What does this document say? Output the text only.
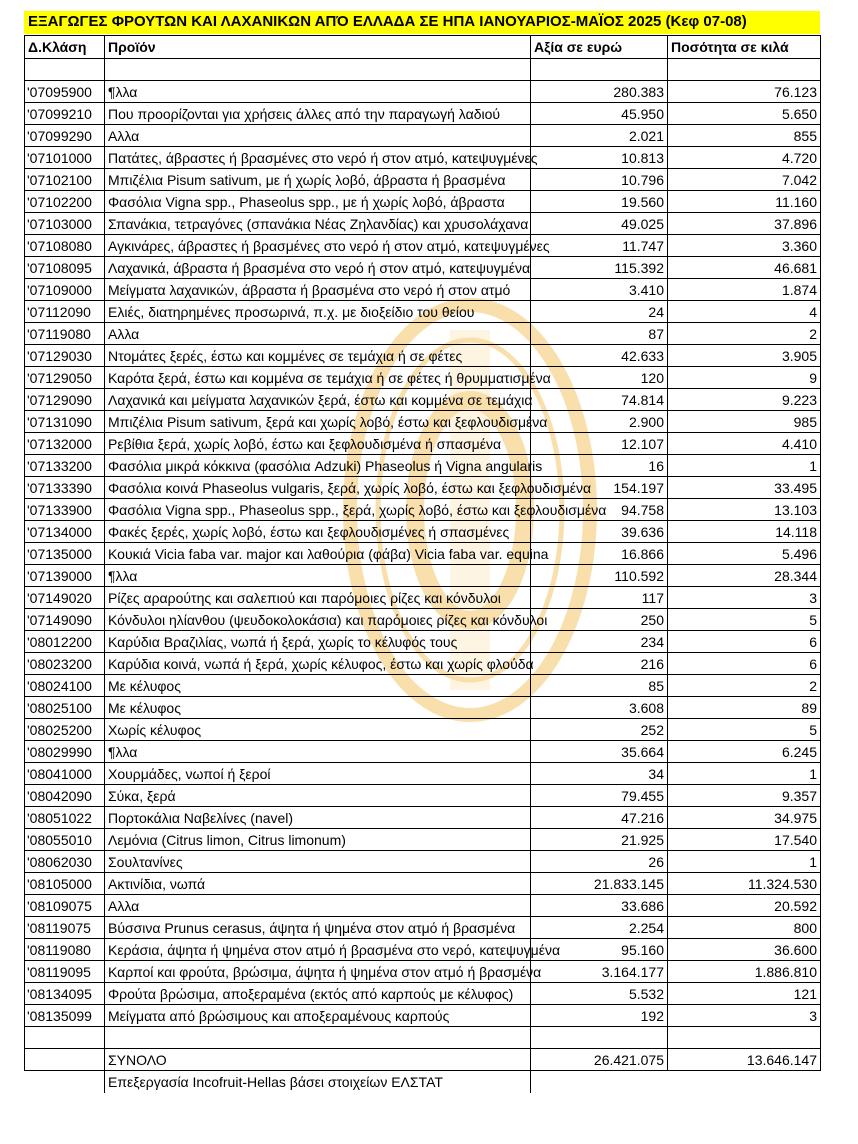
ΕΞΑΓΩΓΕΣ ΦΡΟΥΤΩΝ ΚΑΙ ΛΑΧΑΝΙΚΩΝ ΑΠΌ ΕΛΛΑΔΑ ΣΕ ΗΠΑ ΙΑΝΟΥΑΡΙΟΣ-ΜΑΪΟΣ 2025 (Κεφ 07-08)
Δ.Κλάση	Προϊόν	Αξία σε ευρώ	Ποσότητα σε κιλά

'07095900	¶λλα	280.383	76.123
'07099210	Που προορίζονται για χρήσεις άλλες από την παραγωγή λαδιού	45.950	5.650
'07099290	Αλλα	2.021	855
'07101000	Πατάτες, άβραστες ή βρασμένες στο νερό ή στον ατμό, κατεψυγμένες	10.813	4.720
'07102100	Μπιζέλια Pisum sativum, με ή χωρίς λοβό, άβραστα ή βρασμένα	10.796	7.042
'07102200	Φασόλια Vigna spp., Phaseolus spp., με ή χωρίς λοβό, άβραστα	19.560	11.160
'07103000	Σπανάκια, τετραγόνες (σπανάκια Νέας Ζηλανδίας) και χρυσολάχανα	49.025	37.896
'07108080	Αγκινάρες, άβραστες ή βρασμένες στο νερό ή στον ατμό, κατεψυγμένες	11.747	3.360
'07108095	Λαχανικά, άβραστα ή βρασμένα στο νερό ή στον ατμό, κατεψυγμένα	115.392	46.681
'07109000	Μείγματα λαχανικών, άβραστα ή βρασμένα στο νερό ή στον ατμό	3.410	1.874
'07112090	Ελιές, διατηρημένες προσωρινά, π.χ. με διοξείδιο του θείου	24	4
'07119080	Αλλα	87	2
'07129030	Ντομάτες ξερές, έστω και κομμένες σε τεμάχια ή σε φέτες	42.633	3.905
'07129050	Καρότα ξερά, έστω και κομμένα σε τεμάχια ή σε φέτες ή θρυμματισμένα	120	9
'07129090	Λαχανικά και μείγματα λαχανικών ξερά, έστω και κομμένα σε τεμάχια	74.814	9.223
'07131090	Μπιζέλια Pisum sativum, ξερά και χωρίς λοβό, έστω και ξεφλουδισμένα	2.900	985
'07132000	Ρεβίθια ξερά, χωρίς λοβό, έστω και ξεφλουδισμένα ή σπασμένα	12.107	4.410
'07133200	Φασόλια μικρά κόκκινα (φασόλια Adzuki) Phaseolus ή Vigna angularis	16	1
'07133390	Φασόλια κοινά Phaseolus vulgaris, ξερά, χωρίς λοβό, έστω και ξεφλουδισμένα	154.197	33.495
'07133900	Φασόλια Vigna spp., Phaseolus spp., ξερά, χωρίς λοβό, έστω και ξεφλουδισμένα	94.758	13.103
'07134000	Φακές ξερές, χωρίς λοβό, έστω και ξεφλουδισμένες ή σπασμένες	39.636	14.118
'07135000	Κουκιά Vicia faba var. major και λαθούρια (φάβα) Vicia faba var. equina	16.866	5.496
'07139000	¶λλα	110.592	28.344
'07149020	Ρίζες αραρούτης και σαλεπιού και παρόμοιες ρίζες και κόνδυλοι	117	3
'07149090	Κόνδυλοι ηλίανθου (ψευδοκολοκάσια) και παρόμοιες ρίζες και κόνδυλοι	250	5
'08012200	Καρύδια Βραζιλίας, νωπά ή ξερά, χωρίς το κέλυφός τους	234	6
'08023200	Καρύδια κοινά, νωπά ή ξερά, χωρίς κέλυφος, έστω και χωρίς φλούδα	216	6
'08024100	Με κέλυφος	85	2
'08025100	Με κέλυφος	3.608	89
'08025200	Χωρίς κέλυφος	252	5
'08029990	¶λλα	35.664	6.245
'08041000	Χουρμάδες, νωποί ή ξεροί	34	1
'08042090	Σύκα, ξερά	79.455	9.357
'08051022	Πορτοκάλια Ναβελίνες (navel)	47.216	34.975
'08055010	Λεμόνια (Citrus limon, Citrus limonum)	21.925	17.540
'08062030	Σουλτανίνες	26	1
'08105000	Ακτινίδια, νωπά	21.833.145	11.324.530
'08109075	Αλλα	33.686	20.592
'08119075	Βύσσινα Prunus cerasus, άψητα ή ψημένα στον ατμό ή βρασμένα	2.254	800
'08119080	Κεράσια, άψητα ή ψημένα στον ατμό ή βρασμένα στο νερό, κατεψυγμένα	95.160	36.600
'08119095	Καρποί και φρούτα, βρώσιμα, άψητα ή ψημένα στον ατμό ή βρασμένα	3.164.177	1.886.810
'08134095	Φρούτα βρώσιμα, αποξεραμένα (εκτός από καρπούς με κέλυφος)	5.532	121
'08135099	Μείγματα από βρώσιμους και αποξεραμένους καρπούς	192	3

	ΣΥΝΟΛΟ	26.421.075	13.646.147
	Επεξεργασία Incofruit-Hellas βάσει στοιχείων ΕΛΣΤΑΤ		
